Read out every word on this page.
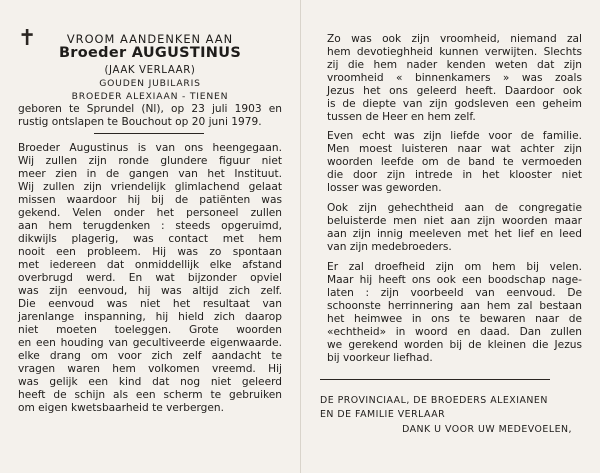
✝	VROOM AANDENKEN AAN
Broeder AUGUSTINUS
(JAAK VERLAAR)
GOUDEN JUBILARIS
BROEDER ALEXIAAN - TIENEN
geboren te Sprundel (Nl), op 23 juli 1903 en
rustig ontslapen te Bouchout op 20 juni 1979.
Broeder Augustinus is van ons heengegaan.
Wij zullen zijn ronde glundere figuur niet
meer zien in de gangen van het Instituut.
Wij zullen zijn vriendelijk glimlachend gelaat
missen waardoor hij bij de patiënten was
gekend. Velen onder het personeel zullen
aan hem terugdenken : steeds opgeruimd,
dikwijls plagerig, was contact met hem
nooit een probleem. Hij was zo spontaan
met iedereen dat onmiddellijk elke afstand
overbrugd werd. En wat bijzonder opviel
was zijn eenvoud, hij was altijd zich zelf.
Die eenvoud was niet het resultaat van
jarenlange inspanning, hij hield zich daarop
niet moeten toeleggen. Grote woorden
en een houding van gecultiveerde eigenwaarde.
elke drang om voor zich zelf aandacht te
vragen waren hem volkomen vreemd. Hij
was gelijk een kind dat nog niet geleerd
heeft de schijn als een scherm te gebruiken
om eigen kwetsbaarheid te verbergen.
Zo was ook zijn vroomheid, niemand zal
hem devotieghheid kunnen verwijten. Slechts
zij die hem nader kenden weten dat zijn
vroomheid « binnenkamers » was zoals
Jezus het ons geleerd heeft. Daardoor ook
is de diepte van zijn godsleven een geheim
tussen de Heer en hem zelf.
Even echt was zijn liefde voor de familie.
Men moest luisteren naar wat achter zijn
woorden leefde om de band te vermoeden
die door zijn intrede in het klooster niet
losser was geworden.
Ook zijn gehechtheid aan de congregatie
beluisterde men niet aan zijn woorden maar
aan zijn innig meeleven met het lief en leed
van zijn medebroeders.
Er zal droefheid zijn om hem bij velen.
Maar hij heeft ons ook een boodschap nage-
laten : zijn voorbeeld van eenvoud. De
schoonste herrinnering aan hem zal bestaan
het heimwee in ons te bewaren naar de
«echtheid» in woord en daad. Dan zullen
we gerekend worden bij de kleinen die Jezus
bij voorkeur liefhad.
DE PROVINCIAAL, DE BROEDERS ALEXIANEN
EN DE FAMILIE VERLAAR
DANK U VOOR UW MEDEVOELEN,
